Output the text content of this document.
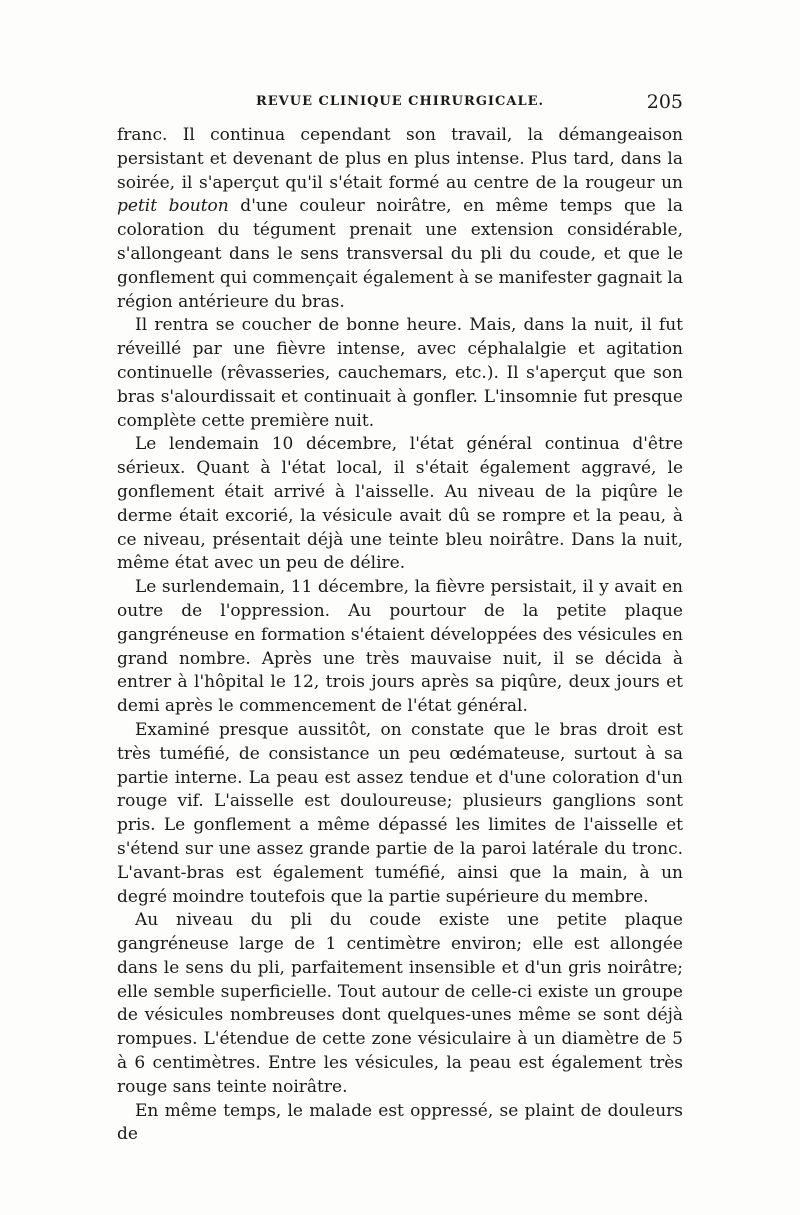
REVUE CLINIQUE CHIRURGICALE.	205

franc. Il continua cependant son travail, la démangeaison persistant et devenant de plus en plus intense. Plus tard, dans la soirée, il s'aperçut qu'il s'était formé au centre de la rougeur un petit bouton d'une couleur noirâtre, en même temps que la coloration du tégument prenait une extension considérable, s'allongeant dans le sens transversal du pli du coude, et que le gonflement qui commençait également à se manifester gagnait la région antérieure du bras.

Il rentra se coucher de bonne heure. Mais, dans la nuit, il fut réveillé par une fièvre intense, avec céphalalgie et agitation continuelle (rêvasseries, cauchemars, etc.). Il s'aperçut que son bras s'alourdissait et continuait à gonfler. L'insomnie fut presque complète cette première nuit.

Le lendemain 10 décembre, l'état général continua d'être sérieux. Quant à l'état local, il s'était également aggravé, le gonflement était arrivé à l'aisselle. Au niveau de la piqûre le derme était excorié, la vésicule avait dû se rompre et la peau, à ce niveau, présentait déjà une teinte bleu noirâtre. Dans la nuit, même état avec un peu de délire.

Le surlendemain, 11 décembre, la fièvre persistait, il y avait en outre de l'oppression. Au pourtour de la petite plaque gangréneuse en formation s'étaient développées des vésicules en grand nombre. Après une très mauvaise nuit, il se décida à entrer à l'hôpital le 12, trois jours après sa piqûre, deux jours et demi après le commencement de l'état général.

Examiné presque aussitôt, on constate que le bras droit est très tuméfié, de consistance un peu œdémateuse, surtout à sa partie interne. La peau est assez tendue et d'une coloration d'un rouge vif. L'aisselle est douloureuse; plusieurs ganglions sont pris. Le gonflement a même dépassé les limites de l'aisselle et s'étend sur une assez grande partie de la paroi latérale du tronc. L'avant-bras est également tuméfié, ainsi que la main, à un degré moindre toutefois que la partie supérieure du membre.

Au niveau du pli du coude existe une petite plaque gangréneuse large de 1 centimètre environ; elle est allongée dans le sens du pli, parfaitement insensible et d'un gris noirâtre; elle semble superficielle. Tout autour de celle-ci existe un groupe de vésicules nombreuses dont quelques-unes même se sont déjà rompues. L'étendue de cette zone vésiculaire à un diamètre de 5 à 6 centimètres. Entre les vésicules, la peau est également très rouge sans teinte noirâtre.

En même temps, le malade est oppressé, se plaint de douleurs de
